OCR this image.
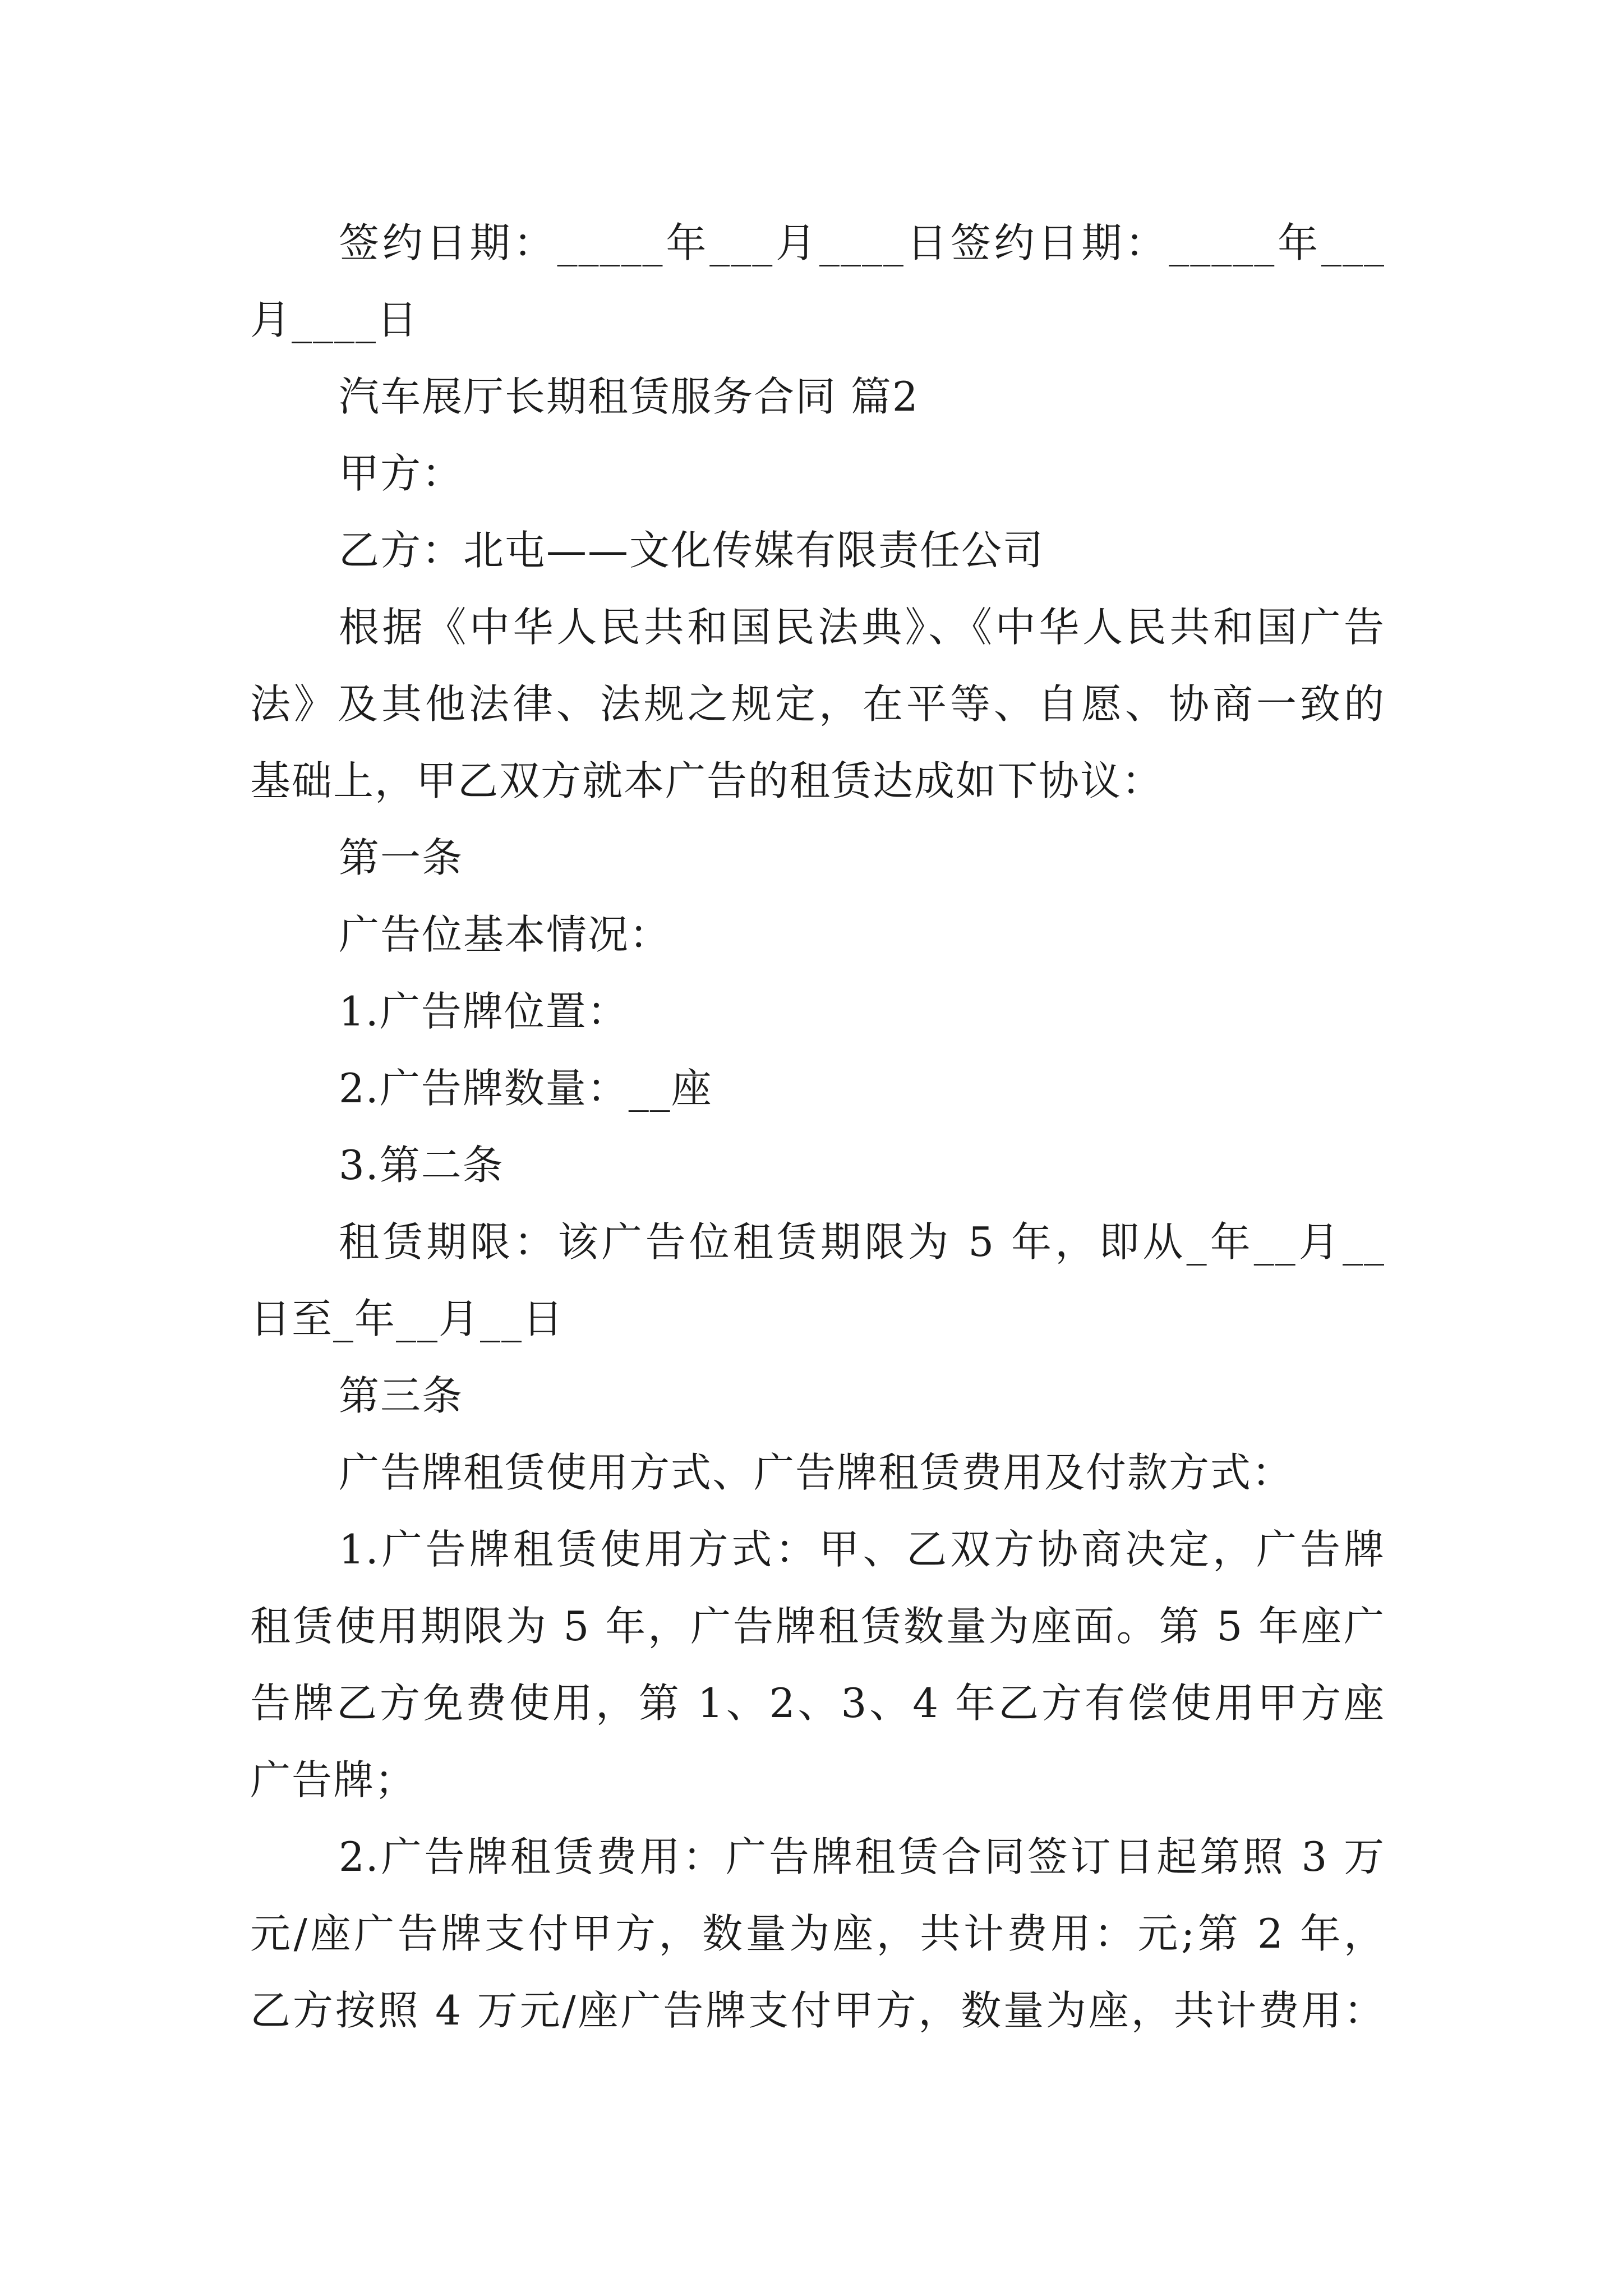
签约日期：_____年___月____日签约日期：_____年___
月____日
汽车展厅长期租赁服务合同 篇2
甲方：
乙方：北屯——文化传媒有限责任公司
根据《中华人民共和国民法典》、《中华人民共和国广告
法》及其他法律、法规之规定，在平等、自愿、协商一致的
基础上，甲乙双方就本广告的租赁达成如下协议：
第一条
广告位基本情况：
1.广告牌位置：
2.广告牌数量：__座
3.第二条
租赁期限：该广告位租赁期限为 5 年，即从_年__月__
日至_年__月__日
第三条
广告牌租赁使用方式、广告牌租赁费用及付款方式：
1.广告牌租赁使用方式：甲、乙双方协商决定，广告牌
租赁使用期限为 5 年，广告牌租赁数量为座面。第 5 年座广
告牌乙方免费使用，第 1、2、3、4 年乙方有偿使用甲方座
广告牌；
2.广告牌租赁费用：广告牌租赁合同签订日起第照 3 万
元/座广告牌支付甲方，数量为座，共计费用：元;第 2 年，
乙方按照 4 万元/座广告牌支付甲方，数量为座，共计费用：
